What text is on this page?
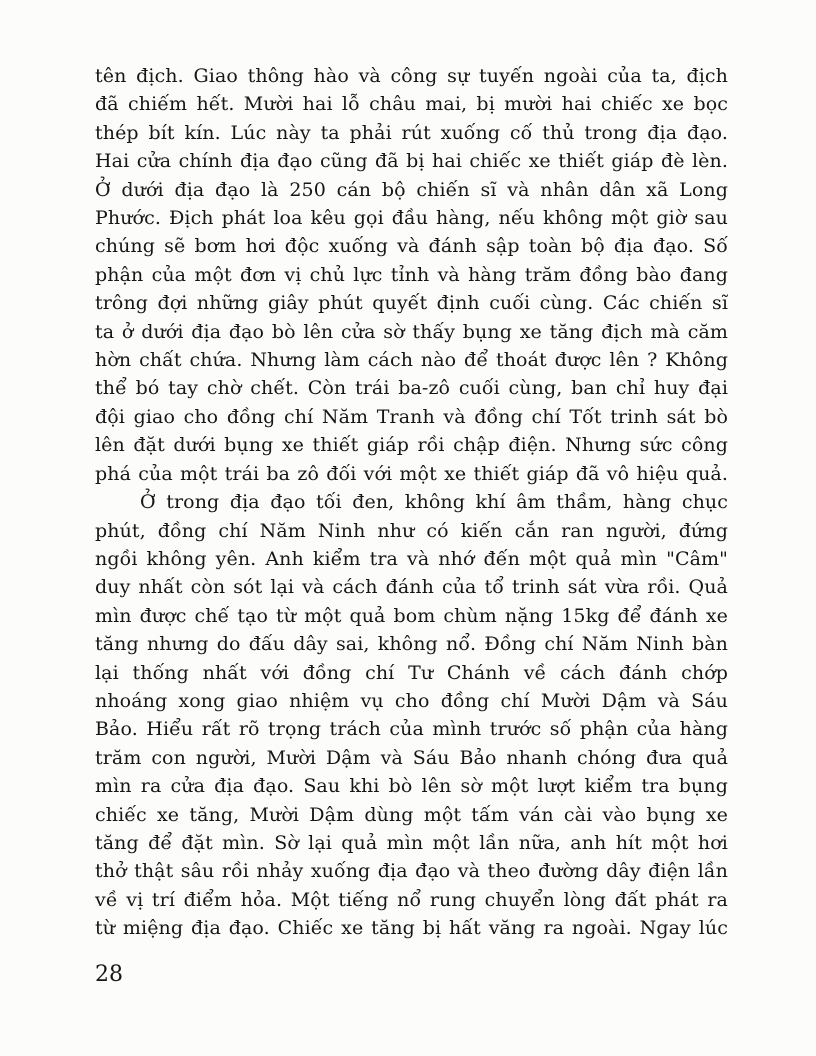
tên địch. Giao thông hào và công sự tuyến ngoài của ta, địch
đã chiếm hết. Mười hai lỗ châu mai, bị mười hai chiếc xe bọc
thép bít kín. Lúc này ta phải rút xuống cố thủ trong địa đạo.
Hai cửa chính địa đạo cũng đã bị hai chiếc xe thiết giáp đè lèn.
Ở dưới địa đạo là 250 cán bộ chiến sĩ và nhân dân xã Long
Phước. Địch phát loa kêu gọi đầu hàng, nếu không một giờ sau
chúng sẽ bơm hơi độc xuống và đánh sập toàn bộ địa đạo. Số
phận của một đơn vị chủ lực tỉnh và hàng trăm đồng bào đang
trông đợi những giây phút quyết định cuối cùng. Các chiến sĩ
ta ở dưới địa đạo bò lên cửa sờ thấy bụng xe tăng địch mà căm
hờn chất chứa. Nhưng làm cách nào để thoát được lên ? Không
thể bó tay chờ chết. Còn trái ba-zô cuối cùng, ban chỉ huy đại
đội giao cho đồng chí Năm Tranh và đồng chí Tốt trinh sát bò
lên đặt dưới bụng xe thiết giáp rồi chập điện. Nhưng sức công
phá của một trái ba zô đối với một xe thiết giáp đã vô hiệu quả.

Ở trong địa đạo tối đen, không khí âm thầm, hàng chục
phút, đồng chí Năm Ninh như có kiến cắn ran người, đứng
ngồi không yên. Anh kiểm tra và nhớ đến một quả mìn "Câm"
duy nhất còn sót lại và cách đánh của tổ trinh sát vừa rồi. Quả
mìn được chế tạo từ một quả bom chùm nặng 15kg để đánh xe
tăng nhưng do đấu dây sai, không nổ. Đồng chí Năm Ninh bàn
lại thống nhất với đồng chí Tư Chánh về cách đánh chớp
nhoáng xong giao nhiệm vụ cho đồng chí Mười Dậm và Sáu
Bảo. Hiểu rất rõ trọng trách của mình trước số phận của hàng
trăm con người, Mười Dậm và Sáu Bảo nhanh chóng đưa quả
mìn ra cửa địa đạo. Sau khi bò lên sờ một lượt kiểm tra bụng
chiếc xe tăng, Mười Dậm dùng một tấm ván cài vào bụng xe
tăng để đặt mìn. Sờ lại quả mìn một lần nữa, anh hít một hơi
thở thật sâu rồi nhảy xuống địa đạo và theo đường dây điện lần
về vị trí điểm hỏa. Một tiếng nổ rung chuyển lòng đất phát ra
từ miệng địa đạo. Chiếc xe tăng bị hất văng ra ngoài. Ngay lúc

28
